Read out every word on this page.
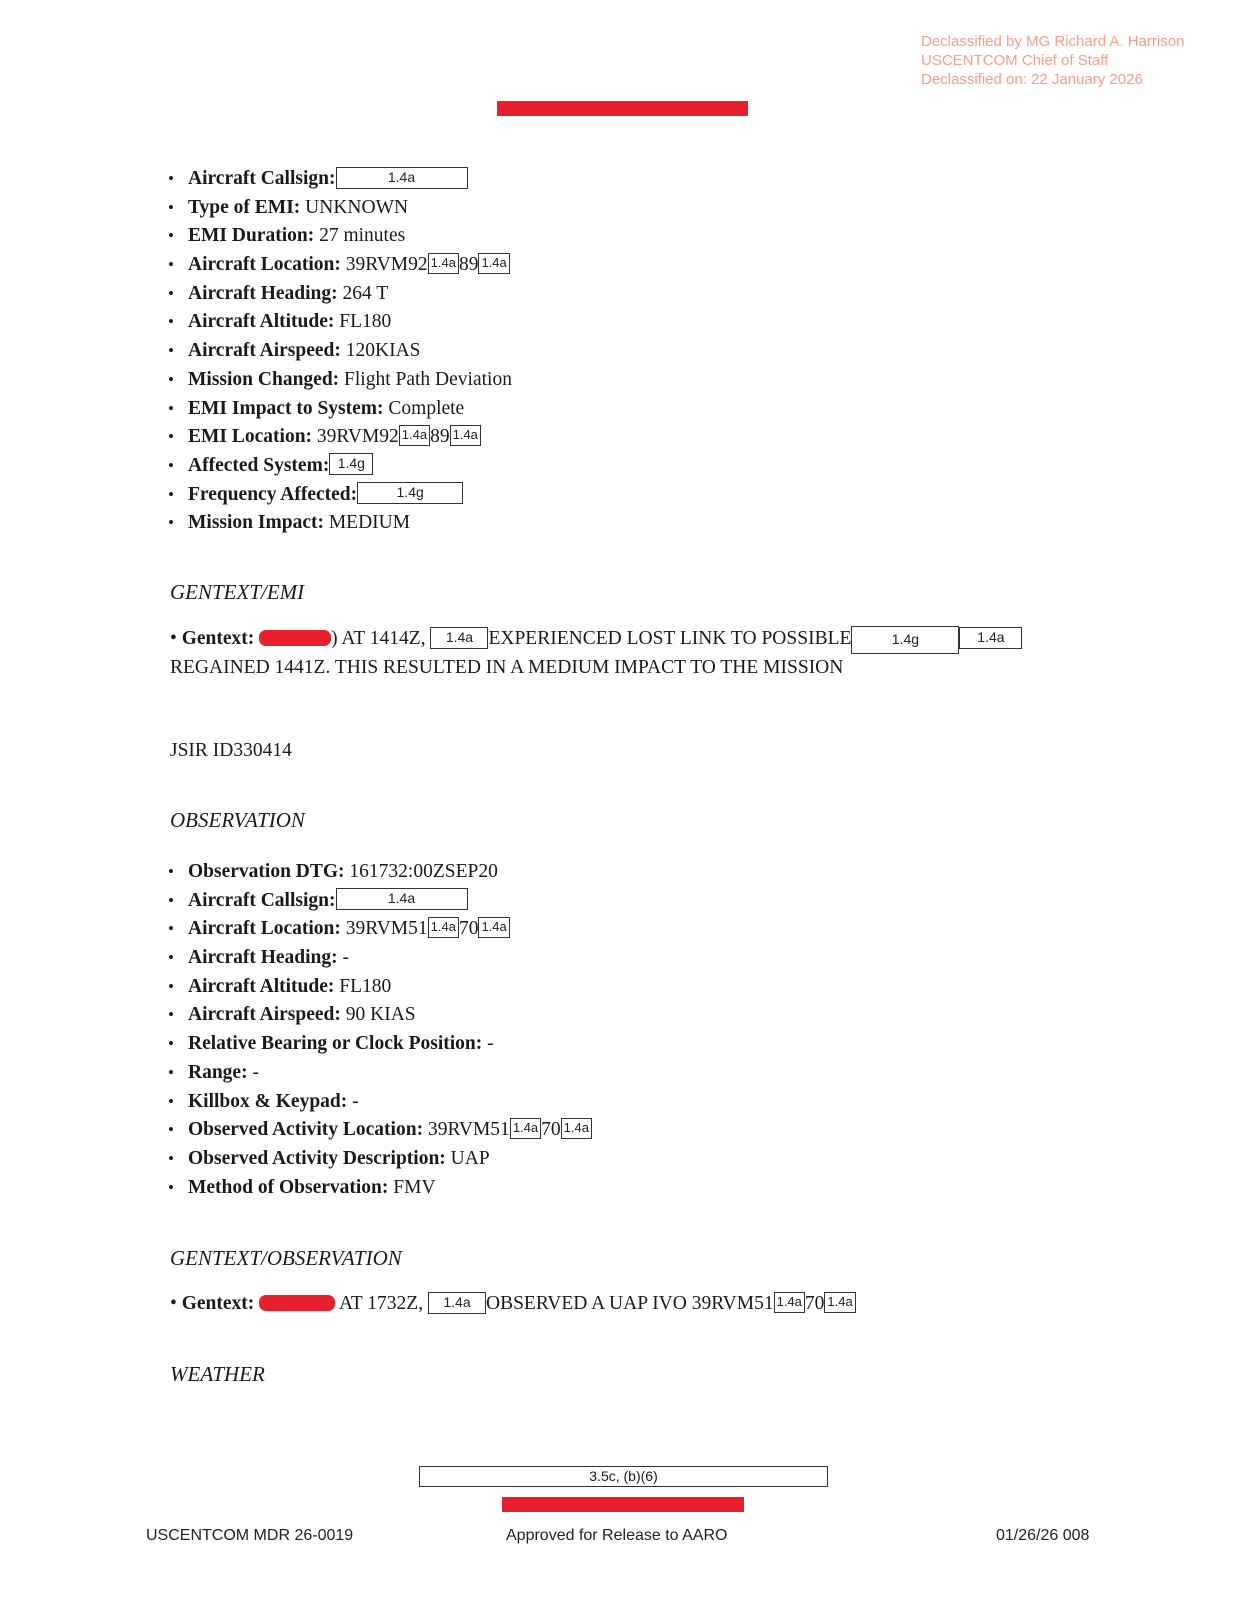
Declassified by MG Richard A. Harrison
USCENTCOM Chief of Staff
Declassified on: 22 January 2026
• Aircraft Callsign:	1.4a
• Type of EMI: UNKNOWN
• EMI Duration: 27 minutes
• Aircraft Location: 39RVM92 1.4a 89 1.4a
• Aircraft Heading: 264 T
• Aircraft Altitude: FL180
• Aircraft Airspeed: 120KIAS
• Mission Changed: Flight Path Deviation
• EMI Impact to System: Complete
• EMI Location: 39RVM92 1.4a 89 1.4a
• Affected System: 1.4g
• Frequency Affected:	1.4g
• Mission Impact: MEDIUM
GENTEXT/EMI
• Gentext:	) AT 1414Z, 1.4a EXPERIENCED LOST LINK TO POSSIBLE	1.4g	1.4a
REGAINED 1441Z. THIS RESULTED IN A MEDIUM IMPACT TO THE MISSION
JSIR ID330414
OBSERVATION
• Observation DTG: 161732:00ZSEP20
• Aircraft Callsign:	1.4a
• Aircraft Location: 39RVM51 1.4a 70 1.4a
• Aircraft Heading: -
• Aircraft Altitude: FL180
• Aircraft Airspeed: 90 KIAS
• Relative Bearing or Clock Position: -
• Range: -
• Killbox & Keypad: -
• Observed Activity Location: 39RVM51 1.4a 70 1.4a
• Observed Activity Description: UAP
• Method of Observation: FMV
GENTEXT/OBSERVATION
• Gentext:	AT 1732Z, 1.4a OBSERVED A UAP IVO 39RVM51 1.4a 70 1.4a
WEATHER
3.5c, (b)(6)
USCENTCOM MDR 26-0019	Approved for Release to AARO	01/26/26 008
